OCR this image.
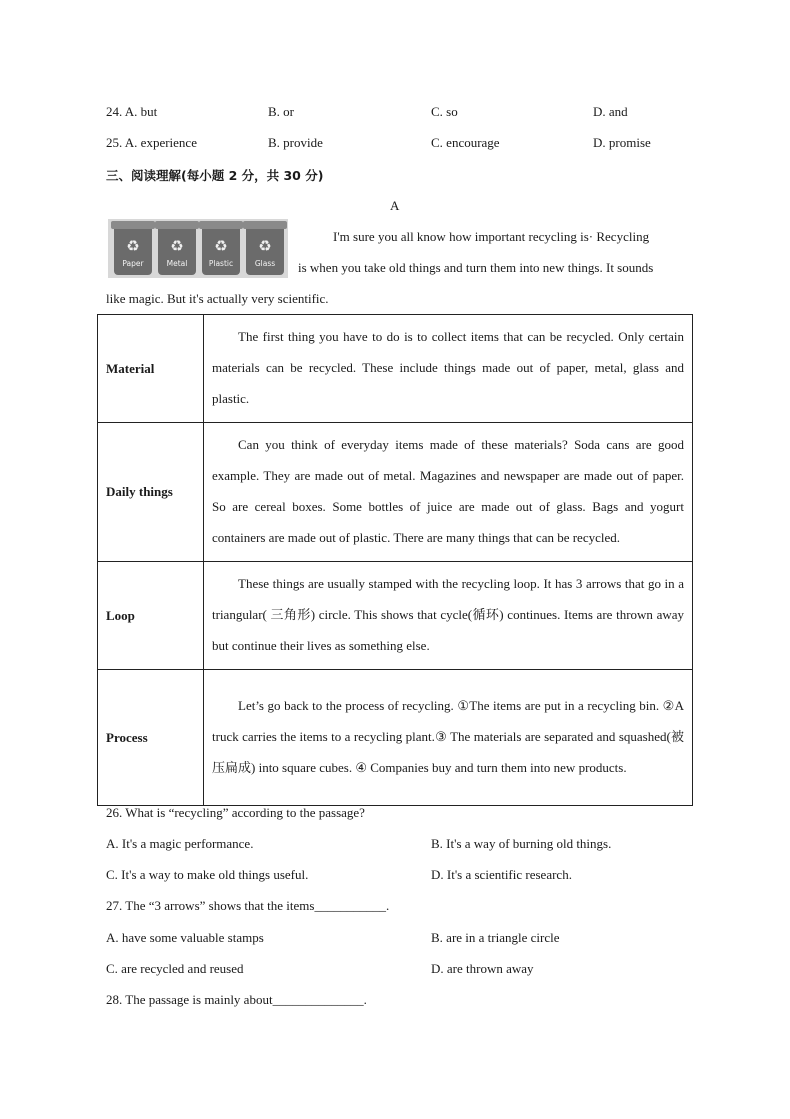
24. A. but	B. or	C. so	D. and
25. A. experience	B. provide	C. encourage	D. promise
三、阅读理解(每小题 2 分，共 30 分)
A
♻
Paper
♻
Metal
♻
Plastic
♻
Glass
I'm sure you all know how important recycling is· Recycling
is when you take old things and turn them into new things. It sounds
like magic. But it's actually very scientific.
Material	The first thing you have to do is to collect items that can be recycled. Only certain materials can be recycled. These include things made out of paper, metal, glass and plastic.
Daily things	Can you think of everyday items made of these materials? Soda cans are good example. They are made out of metal. Magazines and newspaper are made out of paper. So are cereal boxes. Some bottles of juice are made out of glass. Bags and yogurt containers are made out of plastic. There are many things that can be recycled.
Loop	These things are usually stamped with the recycling loop. It has 3 arrows that go in a triangular( 三角形) circle. This shows that cycle(循环) continues. Items are thrown away but continue their lives as something else.
Process	Let’s go back to the process of recycling. ①The items are put in a recycling bin. ②A truck carries the items to a recycling plant.③ The materials are separated and squashed(被压扁成) into square cubes. ④ Companies buy and turn them into new products.
26. What is “recycling” according to the passage?
A. It's a magic performance.	B. It's a way of burning old things.
C. It's a way to make old things useful.	D. It's a scientific research.
27. The “3 arrows” shows that the items___________.
A. have some valuable stamps	B. are in a triangle circle
C. are recycled and reused	D. are thrown away
28. The passage is mainly about______________.
